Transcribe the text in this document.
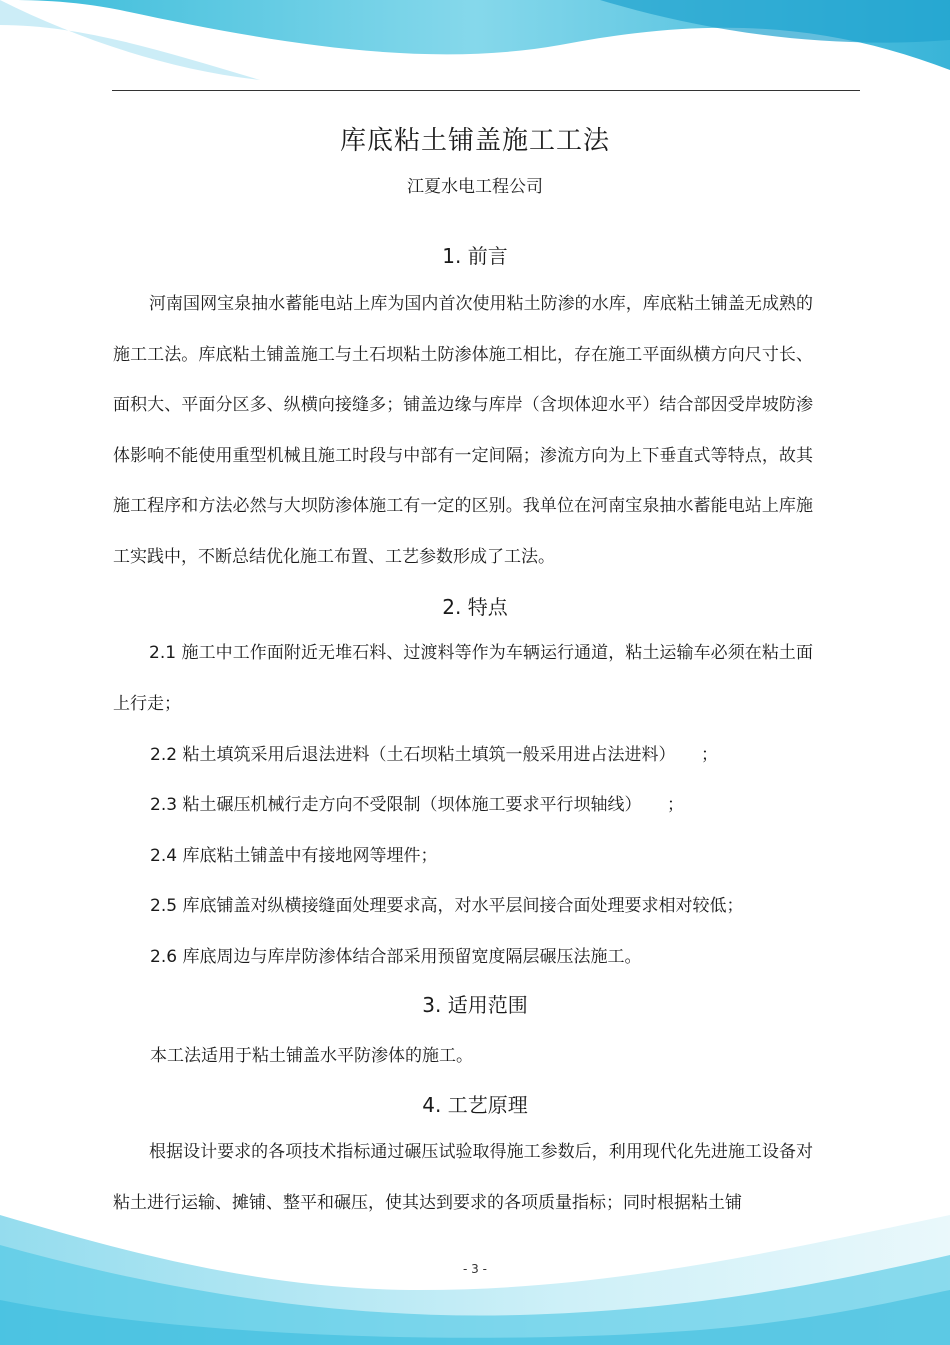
库底粘土铺盖施工工法
江夏水电工程公司
1. 前言
河南国网宝泉抽水蓄能电站上库为国内首次使用粘土防渗的水库，库底粘土铺盖无成熟的施工工法。库底粘土铺盖施工与土石坝粘土防渗体施工相比，存在施工平面纵横方向尺寸长、面积大、平面分区多、纵横向接缝多；铺盖边缘与库岸（含坝体迎水平）结合部因受岸坡防渗体影响不能使用重型机械且施工时段与中部有一定间隔；渗流方向为上下垂直式等特点，故其施工程序和方法必然与大坝防渗体施工有一定的区别。我单位在河南宝泉抽水蓄能电站上库施工实践中，不断总结优化施工布置、工艺参数形成了工法。
2. 特点
2.1 施工中工作面附近无堆石料、过渡料等作为车辆运行通道，粘土运输车必须在粘土面上行走；
2.2 粘土填筑采用后退法进料（土石坝粘土填筑一般采用进占法进料）　　；
2.3 粘土碾压机械行走方向不受限制（坝体施工要求平行坝轴线）　　；
2.4 库底粘土铺盖中有接地网等埋件；
2.5 库底铺盖对纵横接缝面处理要求高，对水平层间接合面处理要求相对较低；
2.6 库底周边与库岸防渗体结合部采用预留宽度隔层碾压法施工。
3. 适用范围
本工法适用于粘土铺盖水平防渗体的施工。
4. 工艺原理
根据设计要求的各项技术指标通过碾压试验取得施工参数后，利用现代化先进施工设备对粘土进行运输、摊铺、整平和碾压，使其达到要求的各项质量指标；同时根据粘土铺
- 3 -
